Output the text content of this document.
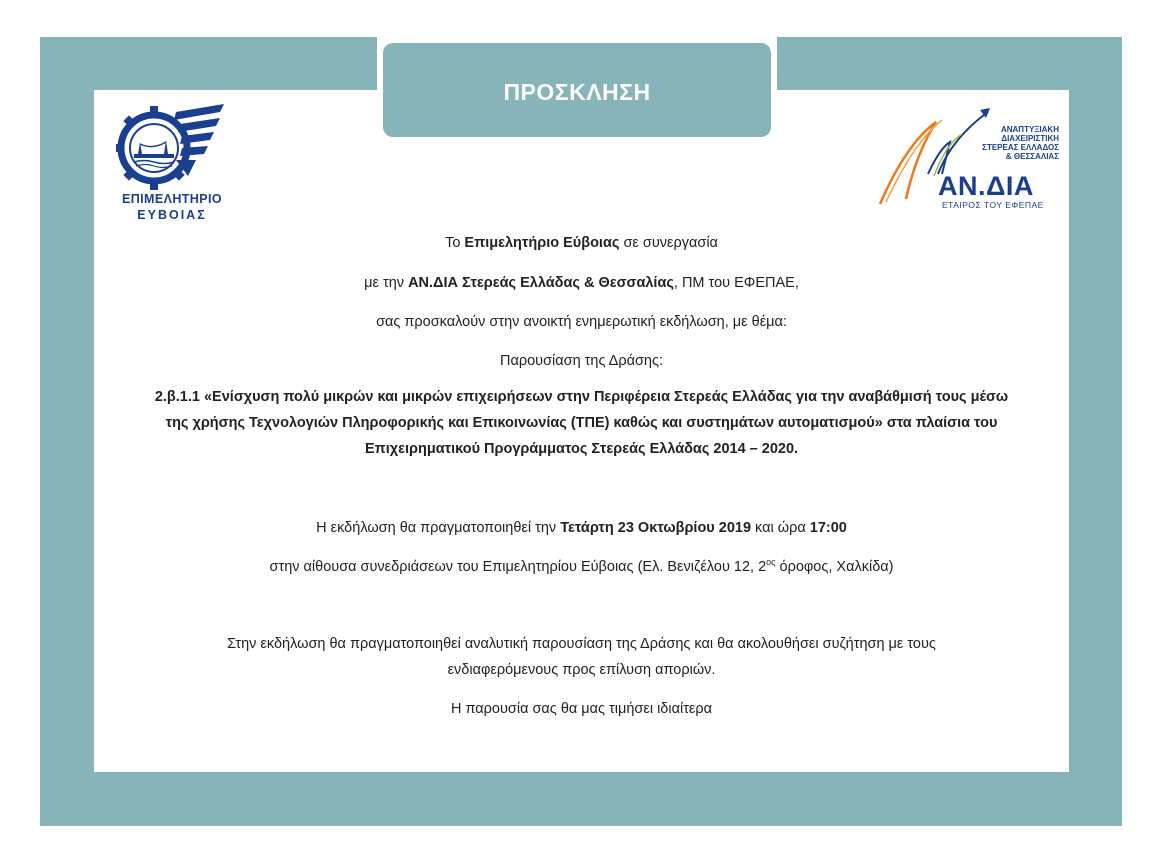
ΠΡΟΣΚΛΗΣΗ
ΕΠΙΜΕΛΗΤΗΡΙΟ
ΕΥΒΟΙΑΣ
ΑΝΑΠΤΥΞΙΑΚΗ
ΔΙΑΧΕΙΡΙΣΤΙΚΗ
ΣΤΕΡΕΑΣ ΕΛΛΑΔΟΣ
& ΘΕΣΣΑΛΙΑΣ
ΑΝ.ΔΙΑ
ΕΤΑΙΡΟΣ ΤΟΥ ΕΦΕΠΑΕ
Το Επιμελητήριο Εύβοιας σε συνεργασία
με την ΑΝ.ΔΙΑ Στερεάς Ελλάδας & Θεσσαλίας, ΠΜ του ΕΦΕΠΑΕ,
σας προσκαλούν στην ανοικτή ενημερωτική εκδήλωση, με θέμα:
Παρουσίαση της Δράσης:
2.β.1.1 «Ενίσχυση πολύ μικρών και μικρών επιχειρήσεων στην Περιφέρεια Στερεάς Ελλάδας για την αναβάθμισή τους μέσω
της χρήσης Τεχνολογιών Πληροφορικής και Επικοινωνίας (ΤΠΕ) καθώς και συστημάτων αυτοματισμού» στα πλαίσια του
Επιχειρηματικού Προγράμματος Στερεάς Ελλάδας 2014 – 2020.
Η εκδήλωση θα πραγματοποιηθεί την Τετάρτη 23 Οκτωβρίου 2019 και ώρα 17:00
στην αίθουσα συνεδριάσεων του Επιμελητηρίου Εύβοιας (Ελ. Βενιζέλου 12, $2^{o\varsigma}$ όροφος, Χαλκίδα)
Στην εκδήλωση θα πραγματοποιηθεί αναλυτική παρουσίαση της Δράσης και θα ακολουθήσει συζήτηση με τους
ενδιαφερόμενους προς επίλυση αποριών.
Η παρουσία σας θα μας τιμήσει ιδιαίτερα
